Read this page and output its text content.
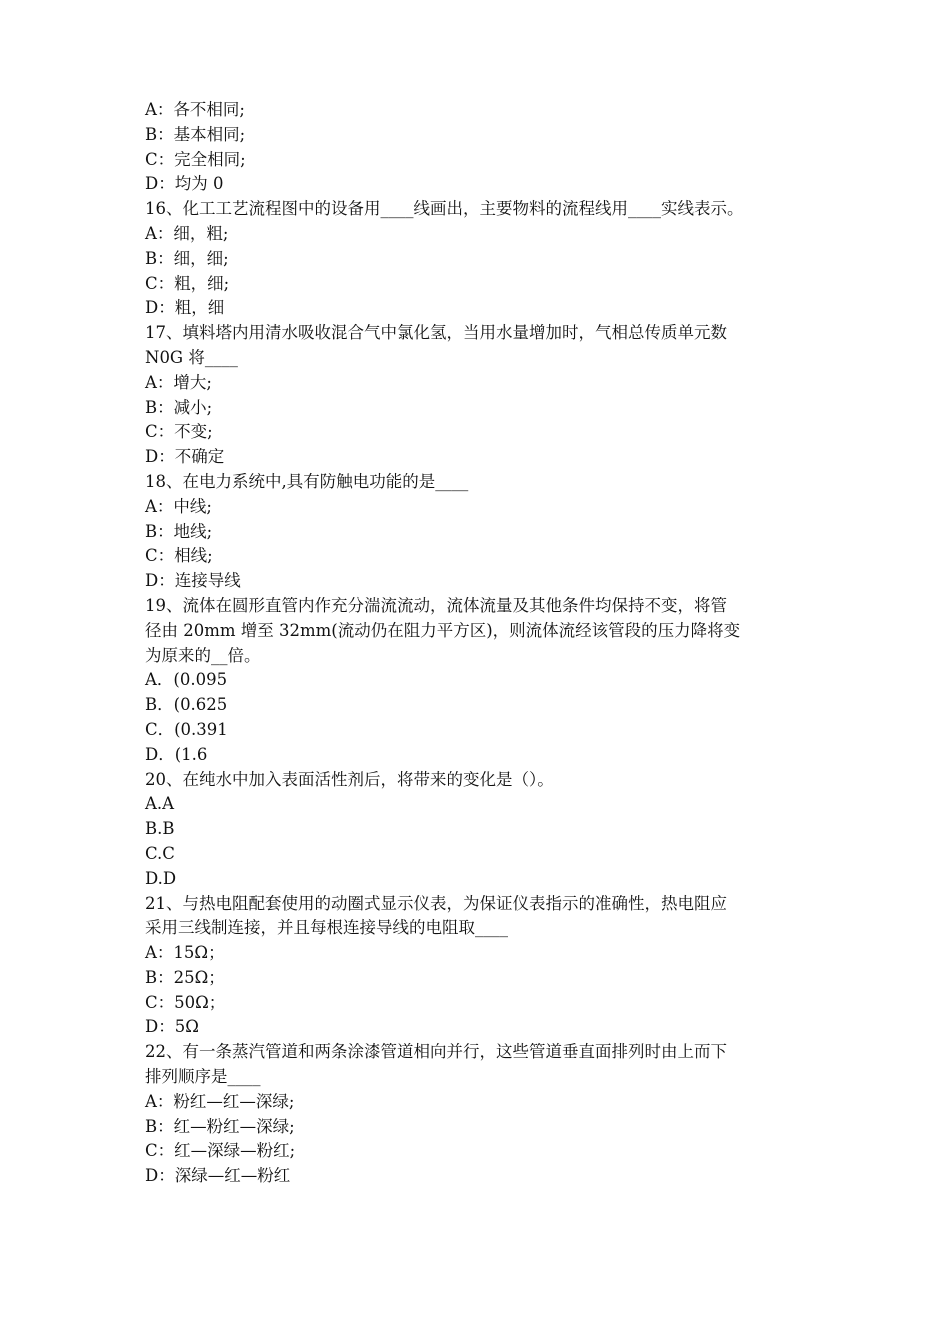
A：各不相同;
B：基本相同;
C：完全相同;
D：均为 0
16、化工工艺流程图中的设备用____线画出，主要物料的流程线用____实线表示。
A：细，粗;
B：细，细;
C：粗，细;
D：粗，细
17、填料塔内用清水吸收混合气中氯化氢，当用水量增加时，气相总传质单元数
N0G 将____
A：增大;
B：减小;
C：不变;
D：不确定
18、在电力系统中,具有防触电功能的是____
A：中线;
B：地线;
C：相线;
D：连接导线
19、流体在圆形直管内作充分湍流流动，流体流量及其他条件均保持不变，将管
径由 20mm 增至 32mm(流动仍在阻力平方区)，则流体流经该管段的压力降将变
为原来的__倍。
A．(0.095
B．(0.625
C．(0.391
D．(1.6
20、在纯水中加入表面活性剂后，将带来的变化是（）。
A.A
B.B
C.C
D.D
21、与热电阻配套使用的动圈式显示仪表，为保证仪表指示的准确性，热电阻应
采用三线制连接，并且每根连接导线的电阻取____
A：15Ω；
B：25Ω；
C：50Ω；
D：5Ω
22、有一条蒸汽管道和两条涂漆管道相向并行，这些管道垂直面排列时由上而下
排列顺序是____
A：粉红—红—深绿;
B：红—粉红—深绿;
C：红—深绿—粉红;
D：深绿—红—粉红
